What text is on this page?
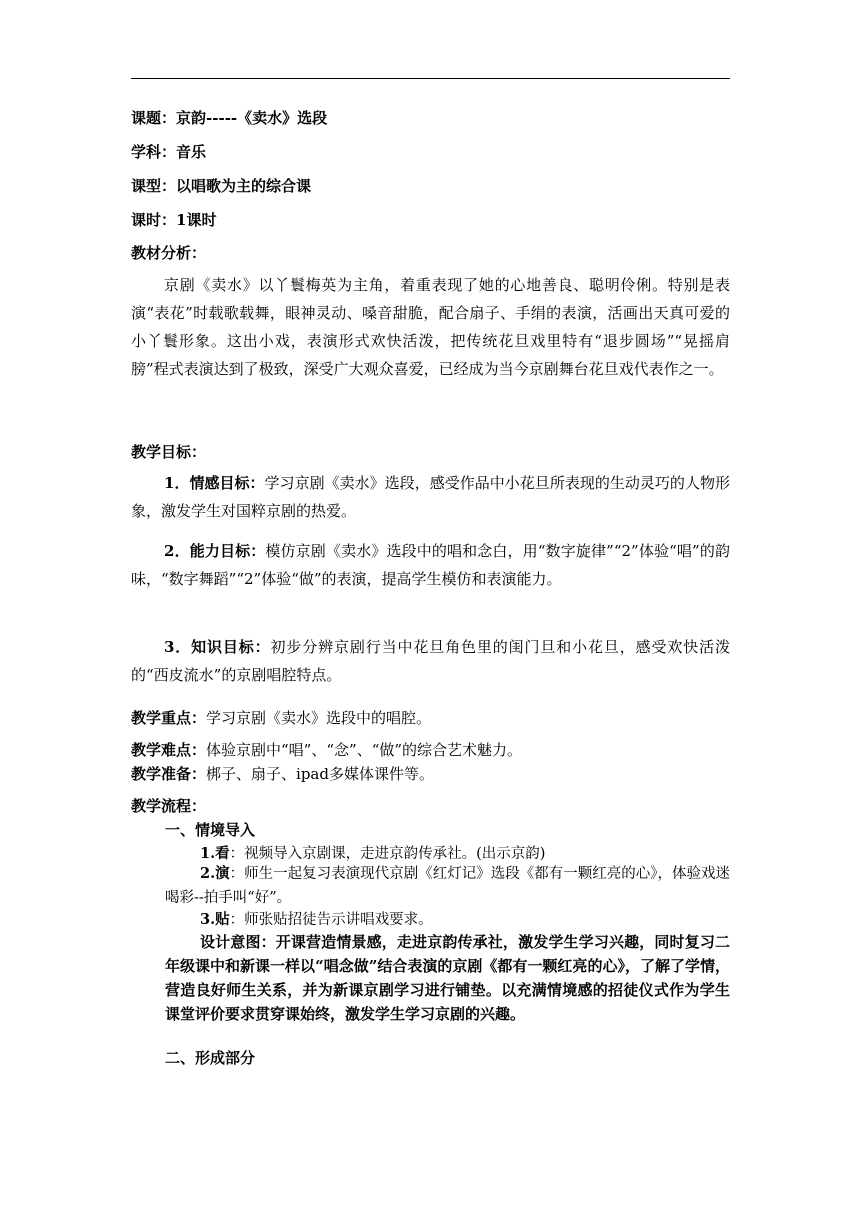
课题：京韵-----《卖水》选段
学科：音乐
课型：以唱歌为主的综合课
课时：1课时
教材分析：
京剧《卖水》以丫鬟梅英为主角，着重表现了她的心地善良、聪明伶俐。特别是表演“表花”时载歌载舞，眼神灵动、嗓音甜脆，配合扇子、手绢的表演，活画出天真可爱的小丫鬟形象。这出小戏，表演形式欢快活泼，把传统花旦戏里特有“退步圆场”“晃摇肩膀”程式表演达到了极致，深受广大观众喜爱，已经成为当今京剧舞台花旦戏代表作之一。
教学目标：
1．情感目标：学习京剧《卖水》选段，感受作品中小花旦所表现的生动灵巧的人物形象，激发学生对国粹京剧的热爱。
2．能力目标：模仿京剧《卖水》选段中的唱和念白，用“数字旋律”“2”体验“唱”的韵味，“数字舞蹈”“2”体验“做”的表演，提高学生模仿和表演能力。
3．知识目标：初步分辨京剧行当中花旦角色里的闺门旦和小花旦，感受欢快活泼的“西皮流水”的京剧唱腔特点。
教学重点：学习京剧《卖水》选段中的唱腔。
教学难点：体验京剧中“唱”、“念”、“做”的综合艺术魅力。
教学准备：梆子、扇子、ipad多媒体课件等。
教学流程：
一、情境导入
1.看：视频导入京剧课，走进京韵传承社。(出示京韵)
2.演：师生一起复习表演现代京剧《红灯记》选段《都有一颗红亮的心》，体验戏迷喝彩--拍手叫“好”。
3.贴：师张贴招徒告示讲唱戏要求。
设计意图：开课营造情景感，走进京韵传承社，激发学生学习兴趣，同时复习二年级课中和新课一样以“唱念做”结合表演的京剧《都有一颗红亮的心》，了解了学情，营造良好师生关系，并为新课京剧学习进行铺垫。以充满情境感的招徒仪式作为学生课堂评价要求贯穿课始终，激发学生学习京剧的兴趣。
二、形成部分
